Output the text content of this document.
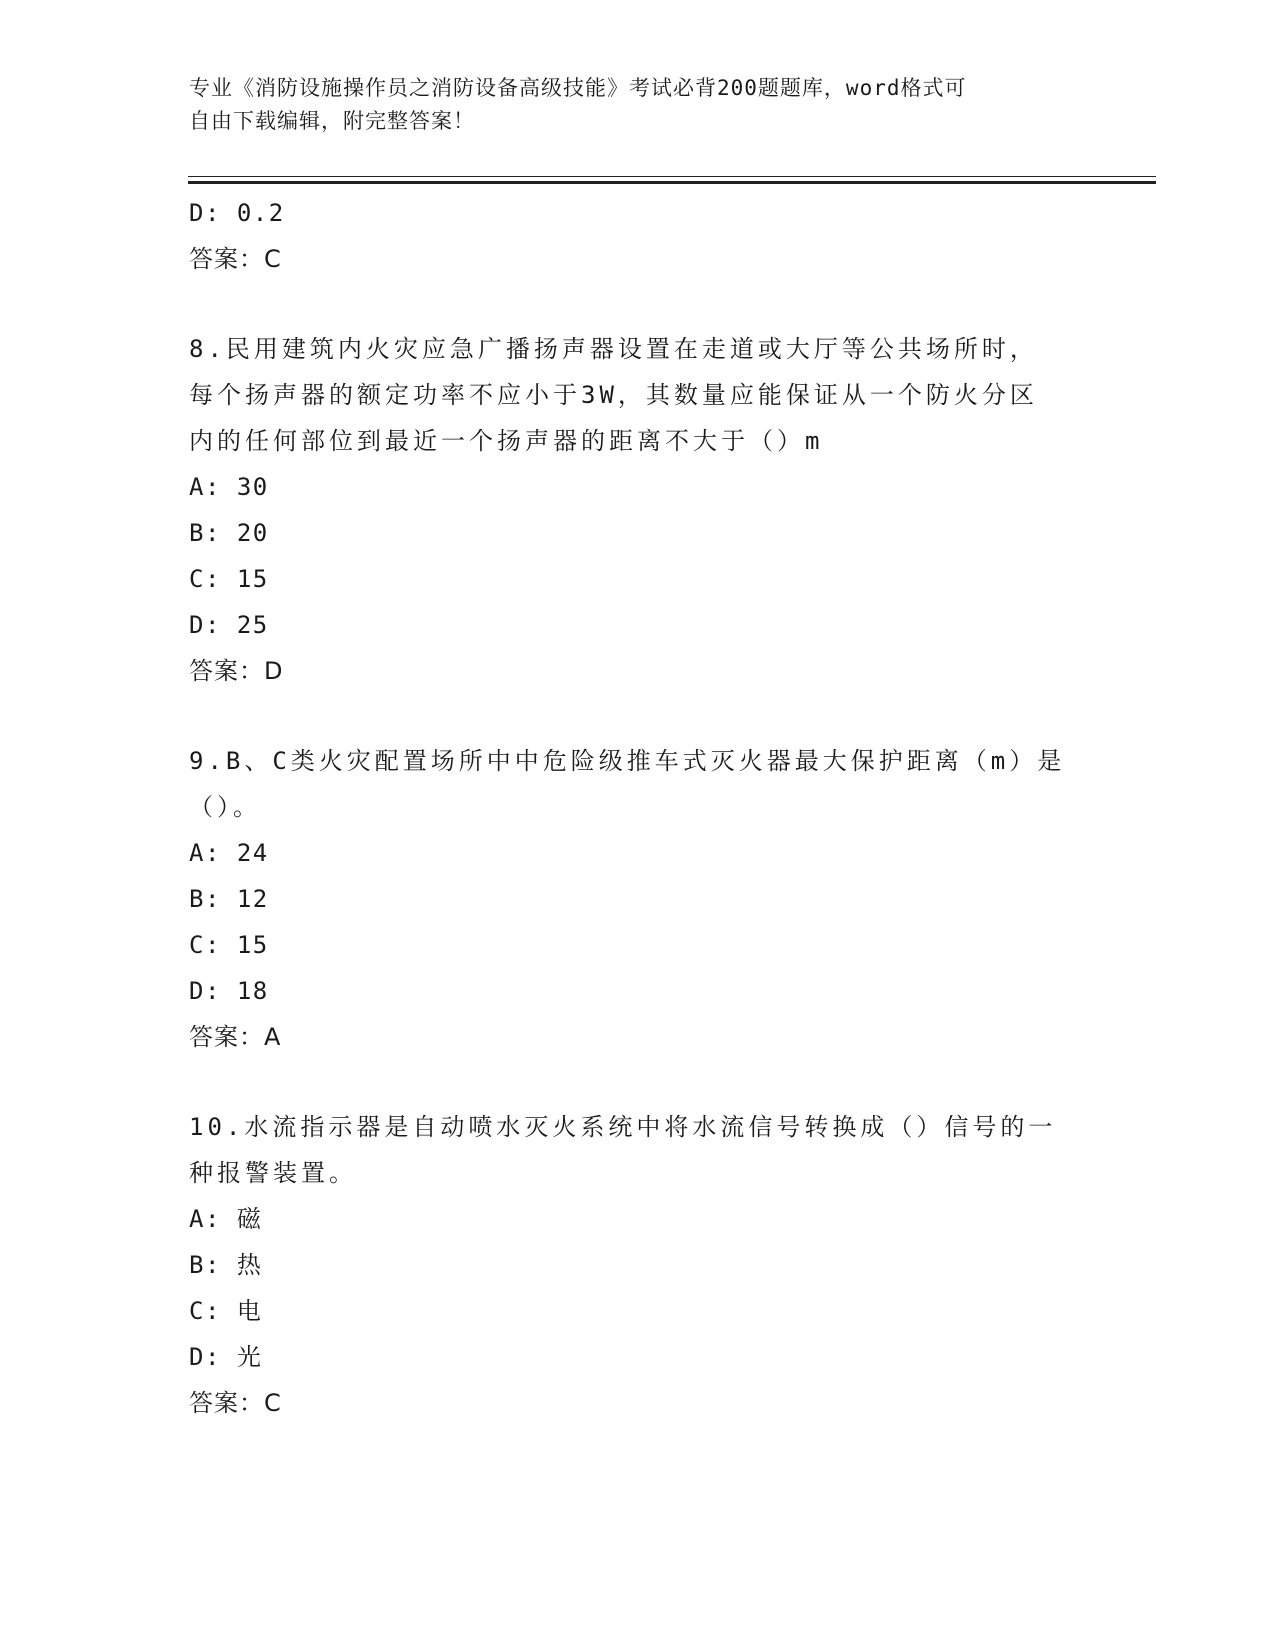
专业《消防设施操作员之消防设备高级技能》考试必背200题题库，word格式可
自由下载编辑，附完整答案！
D: 0.2
答案：C
8.民用建筑内火灾应急广播扬声器设置在走道或大厅等公共场所时，
每个扬声器的额定功率不应小于3W，其数量应能保证从一个防火分区
内的任何部位到最近一个扬声器的距离不大于（）m
A: 30
B: 20
C: 15
D: 25
答案：D
9.B、C类火灾配置场所中中危险级推车式灭火器最大保护距离（m）是
（）。
A: 24
B: 12
C: 15
D: 18
答案：A
10.水流指示器是自动喷水灭火系统中将水流信号转换成（）信号的一
种报警装置。
A: 磁
B: 热
C: 电
D: 光
答案：C
